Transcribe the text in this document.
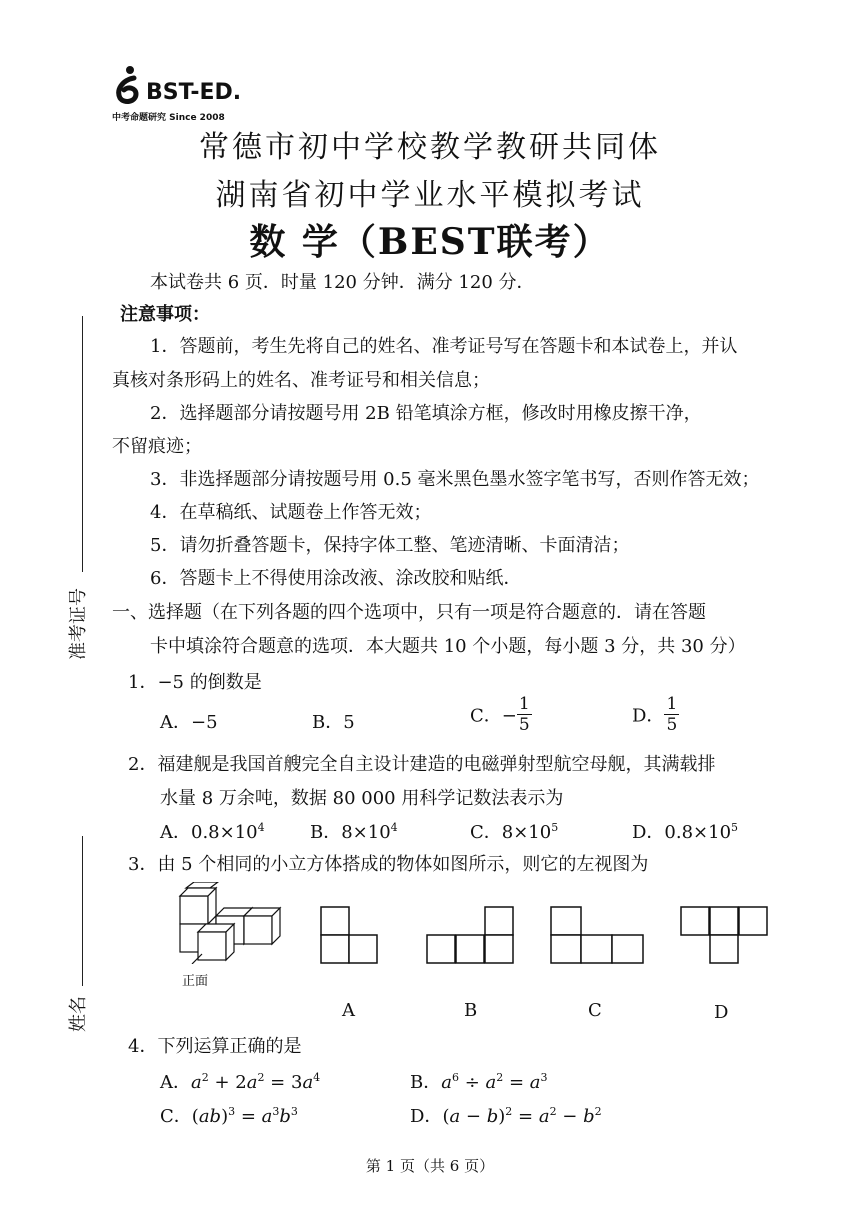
BST-ED.
中考命题研究 Since 2008
常德市初中学校教学教研共同体
湖南省初中学业水平模拟考试
数 学（BEST联考）
本试卷共 6 页．时量 120 分钟．满分 120 分．
注意事项：
1．答题前，考生先将自己的姓名、准考证号写在答题卡和本试卷上，并认
真核对条形码上的姓名、准考证号和相关信息；
2．选择题部分请按题号用 2B 铅笔填涂方框，修改时用橡皮擦干净，
不留痕迹；
3．非选择题部分请按题号用 0.5 毫米黑色墨水签字笔书写，否则作答无效；
4．在草稿纸、试题卷上作答无效；
5．请勿折叠答题卡，保持字体工整、笔迹清晰、卡面清洁；
6．答题卡上不得使用涂改液、涂改胶和贴纸．
准考证号
姓名
一、选择题（在下列各题的四个选项中，只有一项是符合题意的．请在答题
卡中填涂符合题意的选项．本大题共 10 个小题，每小题 3 分，共 30 分）
1．−5 的倒数是
A．−5	B．5	C．− $\frac{1}{5}$	D． $\frac{1}{5}$
2．福建舰是我国首艘完全自主设计建造的电磁弹射型航空母舰，其满载排
水量 8 万余吨，数据 80 000 用科学记数法表示为
A．$0.8\times 10^4$	B．$8\times 10^4$	C．$8\times 10^5$	D．$0.8\times 10^5$
3．由 5 个相同的小立方体搭成的物体如图所示，则它的左视图为
正面
A	B	C	D
4．下列运算正确的是
A．$a^2 + 2a^2 = 3a^4$	B．$a^6 \div a^2 = a^3$
C．$(ab)^3 = a^3b^3$	D．$(a - b)^2 = a^2 - b^2$
第 1 页（共 6 页）
